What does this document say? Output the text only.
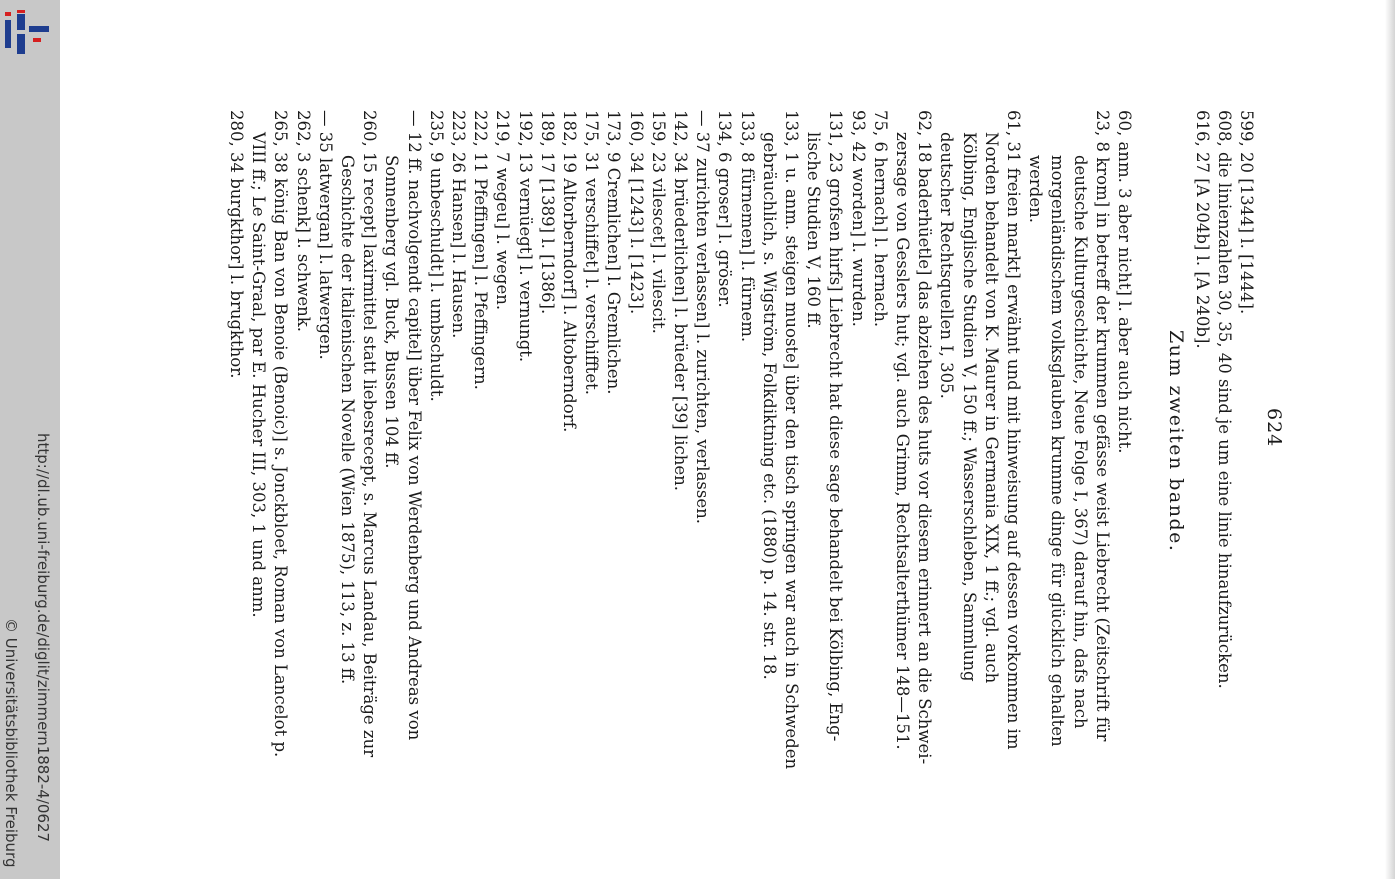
http://dl.ub.uni-freiburg.de/diglit/zimmern1882-4/0627
© Universitätsbibliothek Freiburg
624
599, 20 [1344] l. [1444].
608, die linienzahlen 30, 35, 40 sind je um eine linie hinaufzurücken.
616, 27 [A 204b] l. [A 240b].
Zum zweiten bande.
60, anm. 3 aber nicht] l. aber auch nicht.
23, 8 krom] in betreff der krummen gefässe weist Liebrecht (Zeitschrift für
deutsche Kulturgeschichte, Neue Folge I, 367) darauf hin, dafs nach
morgenländischem volksglauben krumme dinge für glücklich gehalten
werden.
61, 31 freien markt] erwähnt und mit hinweisung auf dessen vorkommen im
Norden behandelt von K. Maurer in Germania XIX, 1 ff.; vgl. auch
Kölbing, Englische Studien V, 150 ff.; Wasserschleben, Sammlung
deutscher Rechtsquellen I, 305.
62, 18 baderhüetle] das abziehen des huts vor diesem erinnert an die Schwei-
zersage von Gesslers hut; vgl. auch Grimm, Rechtsalterthümer 148—151.
75, 6 hernach] l. hernach.
93, 42 worden] l. wurden.
131, 23 grofsen hirfs] Liebrecht hat diese sage behandelt bei Kölbing, Eng-
lische Studien V, 160 ff.
133, 1 u. anm. steigen muoste] über den tisch springen war auch in Schweden
gebräuchlich, s. Wigström, Folkdiktning etc. (1880) p. 14. str. 18.
133, 8 fürnemen] l. fürnem.
134, 6 groser] l. gröser.
— 37 zurichten verlassen] l. zurichten, verlassen.
142, 34 brüederlichen] l. brüeder [39] lichen.
159, 23 vilescet] l. vilescit.
160, 34 [1243] l. [1423].
173, 9 Cremlichen] l. Gremlichen.
175, 31 verschiffet] l. verschifftet.
182, 19 Altorberndorf] l. Altoberndorf.
189, 17 [1389] l. [1386].
192, 13 vernüegt] l. vernungt.
219, 7 wegeu] l. wegen.
222, 11 Pfeffingen] l. Pfeffingern.
223, 26 Hansen] l. Hausen.
235, 9 unbeschuldt] l. umbschuldt.
— 12 ff. nachvolgendt capitel] über Felix von Werdenberg und Andreas von
Sonnenberg vgl. Buck, Bussen 104 ff.
260, 15 recept] laxirmittel statt liebesrecept, s. Marcus Landau, Beiträge zur
Geschichte der italienischen Novelle (Wien 1875), 113, z. 13 ff.
— 35 latwergan] l. latwergen.
262, 3 schenk] l. schwenk.
265, 38 könig Ban von Benoie (Benoic)] s. Jonckbloet, Roman von Lancelot p.
VIII ff.; Le Saint-Graal, par E. Hucher III, 303, 1 und anm.
280, 34 burgkthor] l. brugkthor.
